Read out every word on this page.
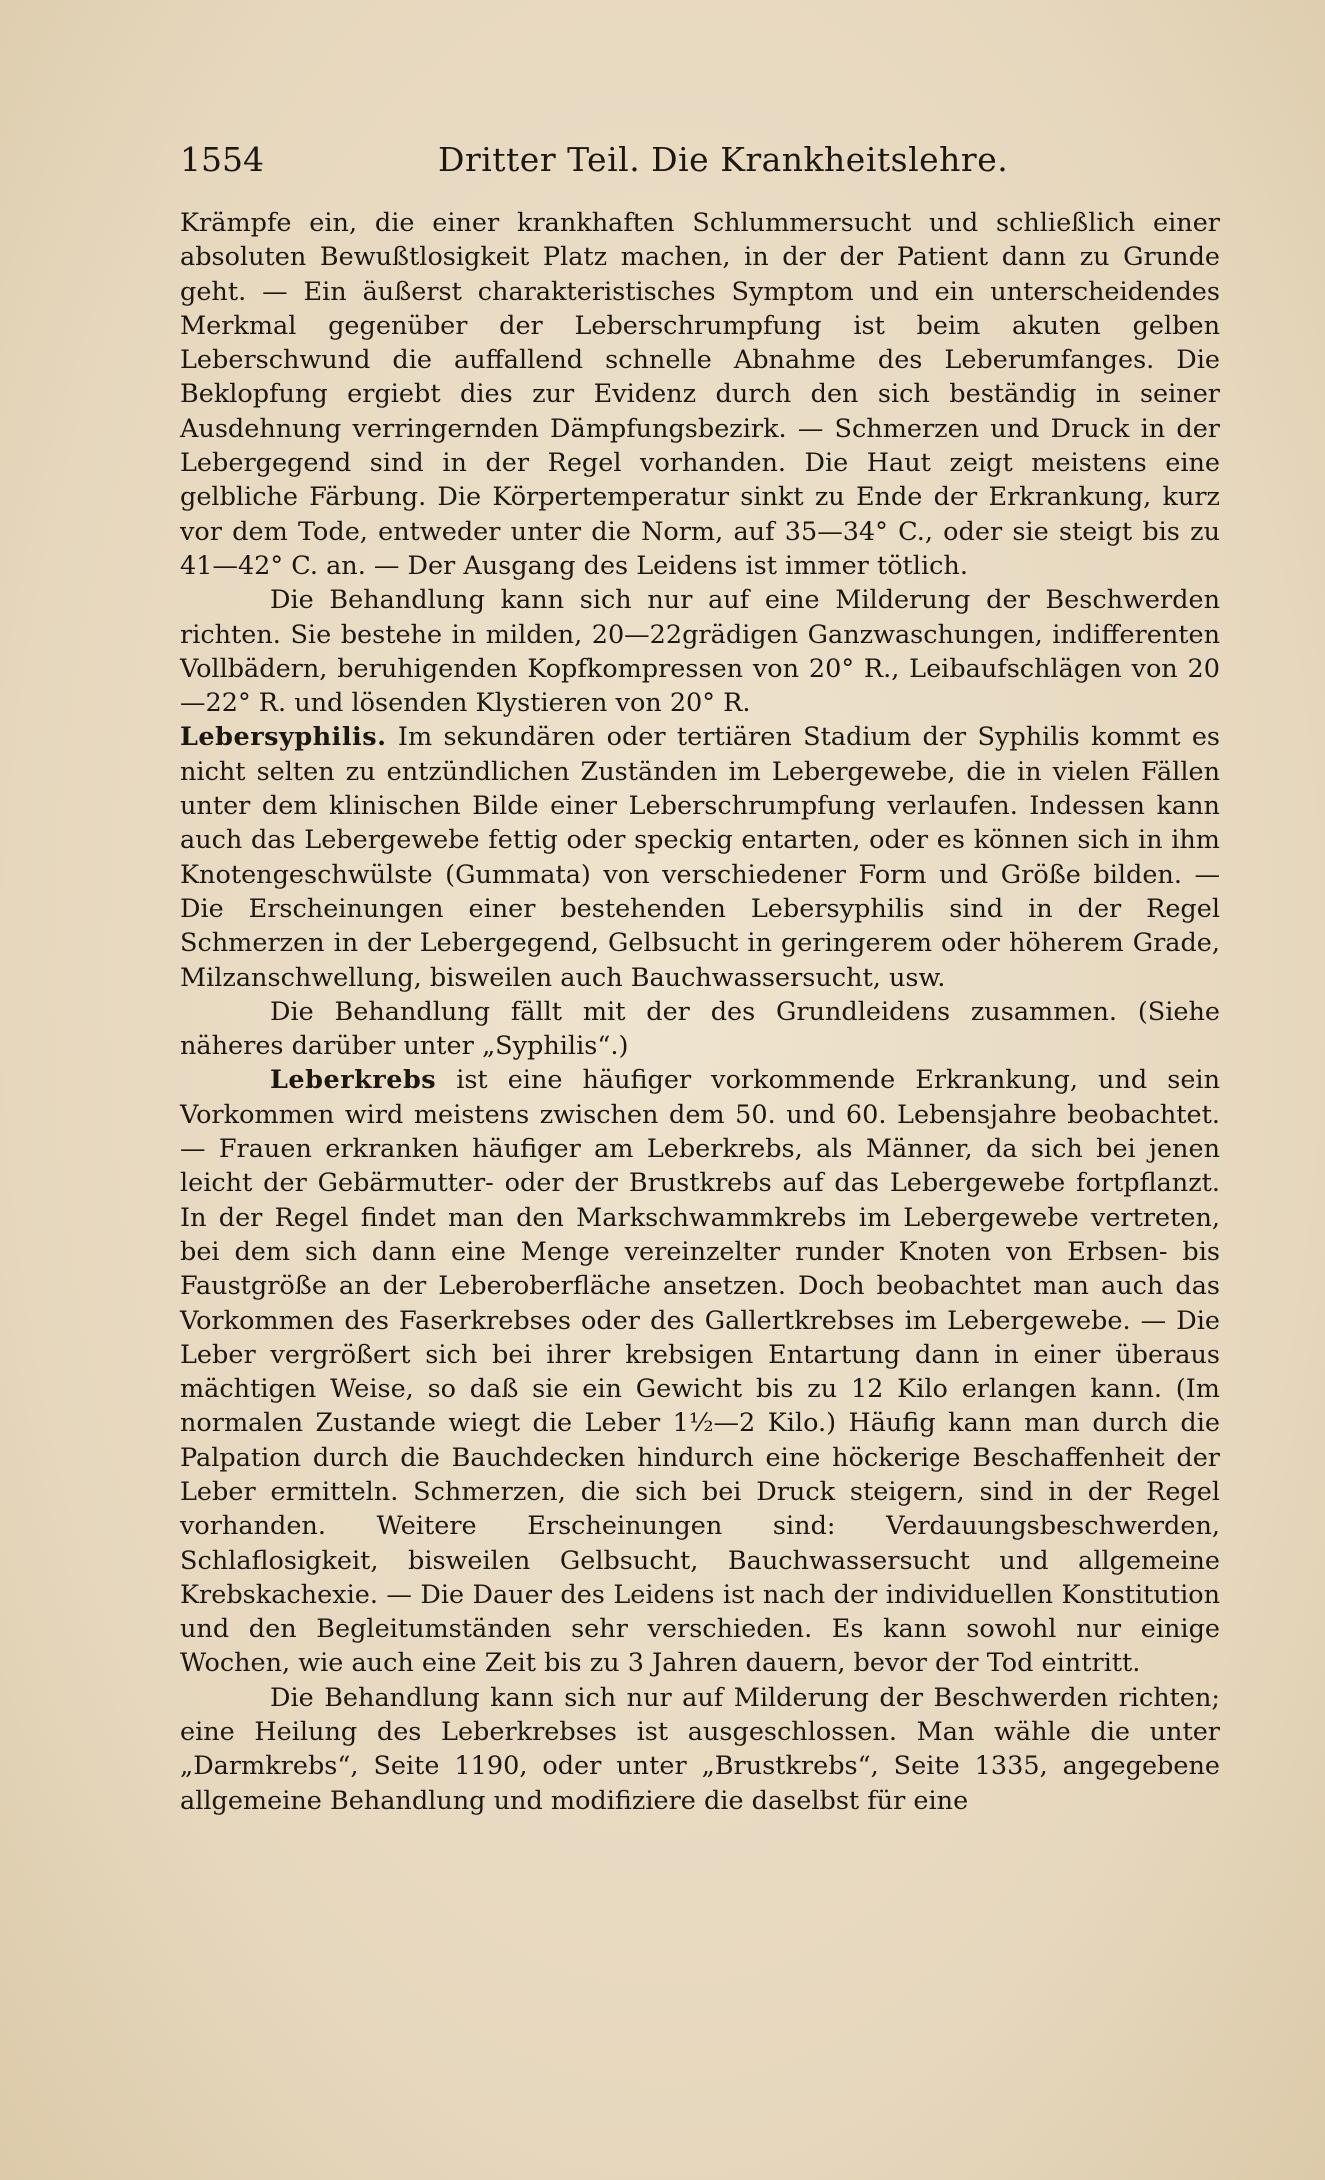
1554	Dritter Teil. Die Krankheitslehre.

Krämpfe ein, die einer krankhaften Schlummersucht und schließlich einer absoluten Bewußtlosigkeit Platz machen, in der der Patient dann zu Grunde geht. — Ein äußerst charakteristisches Symptom und ein unterscheidendes Merkmal gegenüber der Leberschrumpfung ist beim akuten gelben Leberschwund die auffallend schnelle Abnahme des Leberumfanges. Die Beklopfung ergiebt dies zur Evidenz durch den sich beständig in seiner Ausdehnung verringernden Dämpfungsbezirk. — Schmerzen und Druck in der Lebergegend sind in der Regel vorhanden. Die Haut zeigt meistens eine gelbliche Färbung. Die Körpertemperatur sinkt zu Ende der Erkrankung, kurz vor dem Tode, entweder unter die Norm, auf 35—34° C., oder sie steigt bis zu 41—42° C. an. — Der Ausgang des Leidens ist immer tötlich.

Die Behandlung kann sich nur auf eine Milderung der Beschwerden richten. Sie bestehe in milden, 20—22grädigen Ganzwaschungen, indifferenten Vollbädern, beruhigenden Kopfkompressen von 20° R., Leibaufschlägen von 20—22° R. und lösenden Klystieren von 20° R.

Lebersyphilis. Im sekundären oder tertiären Stadium der Syphilis kommt es nicht selten zu entzündlichen Zuständen im Lebergewebe, die in vielen Fällen unter dem klinischen Bilde einer Leberschrumpfung verlaufen. Indessen kann auch das Lebergewebe fettig oder speckig entarten, oder es können sich in ihm Knotengeschwülste (Gummata) von verschiedener Form und Größe bilden. — Die Erscheinungen einer bestehenden Lebersyphilis sind in der Regel Schmerzen in der Lebergegend, Gelbsucht in geringerem oder höherem Grade, Milzanschwellung, bisweilen auch Bauchwassersucht, usw.

Die Behandlung fällt mit der des Grundleidens zusammen. (Siehe näheres darüber unter „Syphilis“.)

Leberkrebs ist eine häufiger vorkommende Erkrankung, und sein Vorkommen wird meistens zwischen dem 50. und 60. Lebensjahre beobachtet. — Frauen erkranken häufiger am Leberkrebs, als Männer, da sich bei jenen leicht der Gebärmutter- oder der Brustkrebs auf das Lebergewebe fortpflanzt. In der Regel findet man den Markschwammkrebs im Lebergewebe vertreten, bei dem sich dann eine Menge vereinzelter runder Knoten von Erbsen- bis Faustgröße an der Leberoberfläche ansetzen. Doch beobachtet man auch das Vorkommen des Faserkrebses oder des Gallertkrebses im Lebergewebe. — Die Leber vergrößert sich bei ihrer krebsigen Entartung dann in einer überaus mächtigen Weise, so daß sie ein Gewicht bis zu 12 Kilo erlangen kann. (Im normalen Zustande wiegt die Leber 1½—2 Kilo.) Häufig kann man durch die Palpation durch die Bauchdecken hindurch eine höckerige Beschaffenheit der Leber ermitteln. Schmerzen, die sich bei Druck steigern, sind in der Regel vorhanden. Weitere Erscheinungen sind: Verdauungsbeschwerden, Schlaflosigkeit, bisweilen Gelbsucht, Bauchwassersucht und allgemeine Krebskachexie. — Die Dauer des Leidens ist nach der individuellen Konstitution und den Begleitumständen sehr verschieden. Es kann sowohl nur einige Wochen, wie auch eine Zeit bis zu 3 Jahren dauern, bevor der Tod eintritt.

Die Behandlung kann sich nur auf Milderung der Beschwerden richten; eine Heilung des Leberkrebses ist ausgeschlossen. Man wähle die unter „Darmkrebs“, Seite 1190, oder unter „Brustkrebs“, Seite 1335, angegebene allgemeine Behandlung und modifiziere die daselbst für eine
